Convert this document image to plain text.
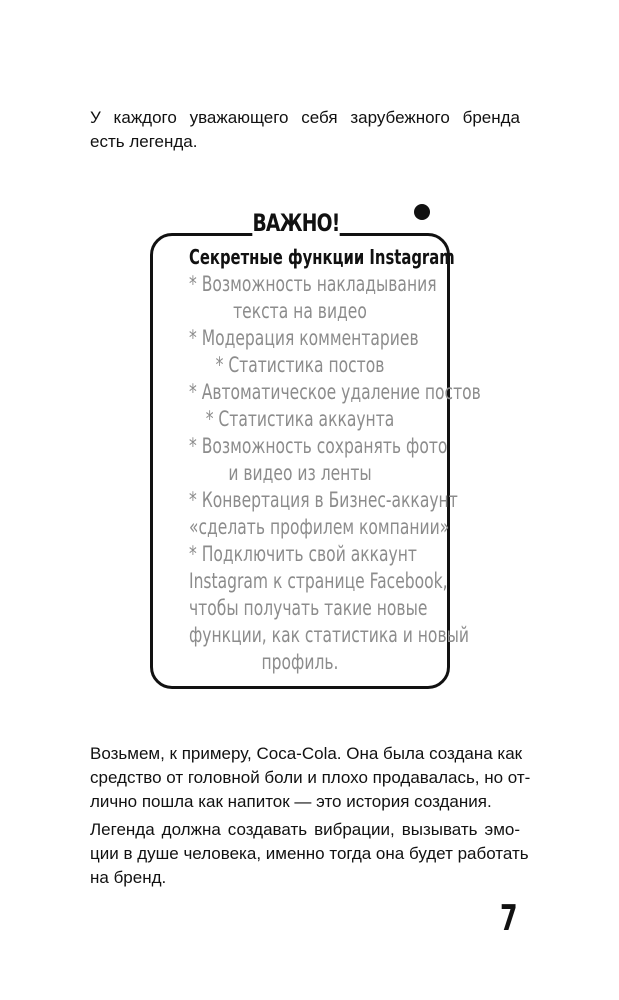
У каждого уважающего себя зарубежного бренда
есть легенда.
ВАЖНО!
Секретные функции Instagram
* Возможность накладывания
текста на видео
* Модерация комментариев
* Статистика постов
* Автоматическое удаление постов
* Статистика аккаунта
* Возможность сохранять фото
и видео из ленты
* Конвертация в Бизнес-аккаунт
«сделать профилем компании»
* Подключить свой аккаунт
Instagram к странице Facebook,
чтобы получать такие новые
функции, как статистика и новый
профиль.
Возьмем, к примеру, Coca-Cola. Она была создана как
средство от головной боли и плохо продавалась, но от-
лично пошла как напиток — это история создания.
Легенда должна создавать вибрации, вызывать эмо-
ции в душе человека, именно тогда она будет работать
на бренд.
7
